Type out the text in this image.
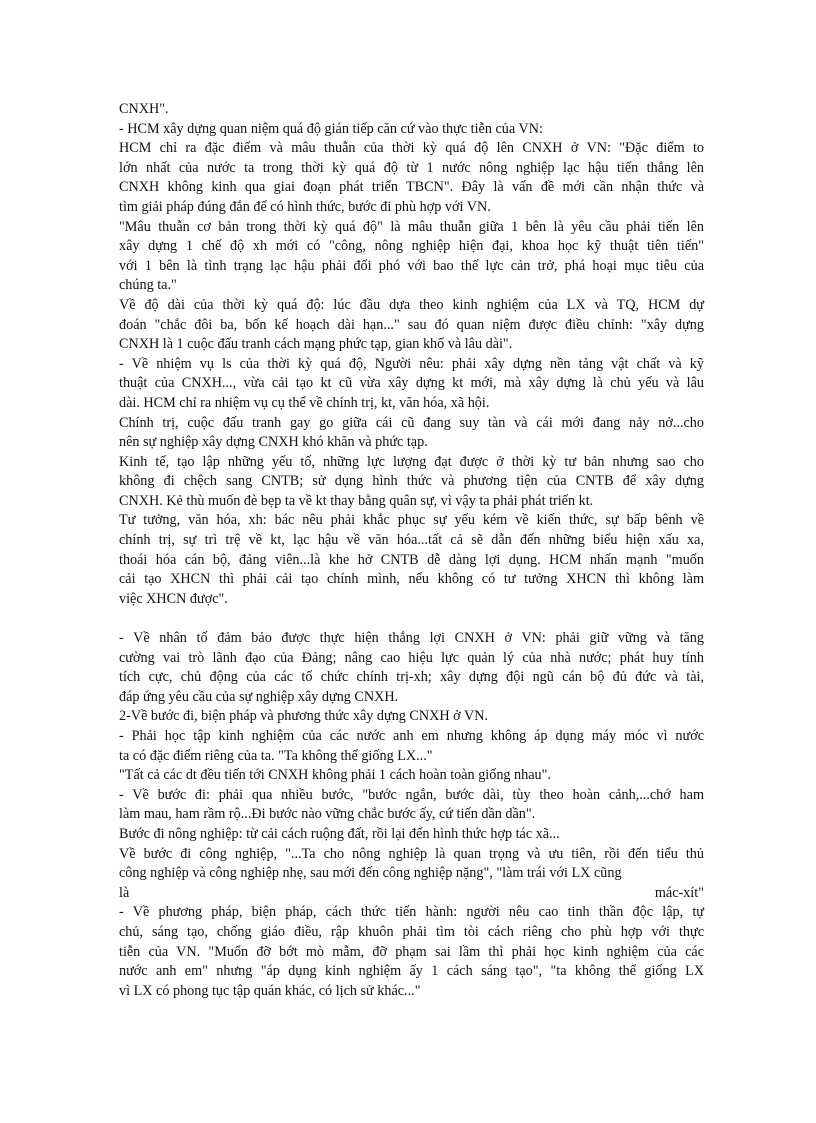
CNXH".
- HCM xây dựng quan niệm quá độ gián tiếp căn cứ vào thực tiễn của VN:
HCM chỉ ra đặc điểm và mâu thuẫn của thời kỳ quá độ lên CNXH ở VN: "Đặc điểm to
lớn nhất của nước ta trong thời kỳ quá độ từ 1 nước nông nghiệp lạc hậu tiến thẳng lên
CNXH không kinh qua giai đoạn phát triển TBCN". Đây là vấn đề mới cần nhận thức và
tìm giải pháp đúng đắn để có hình thức, bước đi phù hợp với VN.
"Mâu thuẫn cơ bản trong thời kỳ quá độ" là mâu thuẫn giữa 1 bên là yêu cầu phải tiến lên
xây dựng 1 chế độ xh mới có "công, nông nghiệp hiện đại, khoa học kỹ thuật tiên tiến"
với 1 bên là tình trạng lạc hậu phải đối phó với bao thế lực cản trở, phá hoại mục tiêu của
chúng ta."
Về độ dài của thời kỳ quá độ: lúc đầu dựa theo kinh nghiệm của LX và TQ, HCM dự
đoán "chắc đôi ba, bốn kế hoạch dài hạn..." sau đó quan niệm được điều chỉnh: "xây dựng
CNXH là 1 cuộc đấu tranh cách mạng phức tạp, gian khổ và lâu dài".
- Về nhiệm vụ ls của thời kỳ quá độ, Người nêu: phải xây dựng nền tảng vật chất và kỹ
thuật của CNXH..., vừa cải tạo kt cũ vừa xây dựng kt mới, mà xây dựng là chủ yếu và lâu
dài. HCM chỉ ra nhiệm vụ cụ thể về chính trị, kt, văn hóa, xã hội.
Chính trị, cuộc đấu tranh gay go giữa cái cũ đang suy tàn và cái mới đang nảy nở...cho
nên sự nghiệp xây dựng CNXH khó khăn và phức tạp.
Kinh tế, tạo lập những yếu tố, những lực lượng đạt được ở thời kỳ tư bản nhưng sao cho
không đi chệch sang CNTB; sử dụng hình thức và phương tiện của CNTB để xây dựng
CNXH. Kẻ thù muốn đè bẹp ta về kt thay bằng quân sự, vì vậy ta phải phát triển kt.
Tư tưởng, văn hóa, xh: bác nêu phải khắc phục sự yếu kém về kiến thức, sự bấp bênh về
chính trị, sự trì trệ về kt, lạc hậu về văn hóa...tất cả sẽ dẫn đến những biểu hiện xấu xa,
thoái hóa cán bộ, đảng viên...là khe hở CNTB dễ dàng lợi dụng. HCM nhấn mạnh "muốn
cải tạo XHCN thì phải cải tạo chính mình, nếu không có tư tưởng XHCN thì không làm
việc XHCN được".
- Về nhân tố đảm bảo được thực hiện thắng lợi CNXH ở VN: phải giữ vững và tăng
cường vai trò lãnh đạo của Đảng; nâng cao hiệu lực quản lý của nhà nước; phát huy tính
tích cực, chủ động của các tổ chức chính trị-xh; xây dựng đội ngũ cán bộ đủ đức và tài,
đáp ứng yêu cầu của sự nghiệp xây dựng CNXH.
2-Về bước đi, biện pháp và phương thức xây dựng CNXH ở VN.
- Phải học tập kinh nghiệm của các nước anh em nhưng không áp dụng máy móc vì nước
ta có đặc điểm riêng của ta. "Ta không thể giống LX..."
"Tất cả các dt đều tiến tới CNXH không phải 1 cách hoàn toàn giống nhau".
- Về bước đi: phải qua nhiều bước, "bước ngắn, bước dài, tùy theo hoàn cảnh,...chớ ham
làm mau, ham rầm rộ...Đi bước nào vững chắc bước ấy, cứ tiến dần dần".
Bước đi nông nghiệp: từ cải cách ruộng đất, rồi lại đến hình thức hợp tác xã...
Về bước đi công nghiệp, "...Ta cho nông nghiệp là quan trọng và ưu tiên, rồi đến tiểu thủ
công nghiệp và công nghiệp nhẹ, sau mới đến công nghiệp nặng", "làm trái với LX cũng
là mác-xít"
- Về phương pháp, biện pháp, cách thức tiến hành: người nêu cao tinh thần độc lập, tự
chủ, sáng tạo, chống giáo điều, rập khuôn phải tìm tòi cách riêng cho phù hợp với thực
tiễn của VN. "Muốn đỡ bớt mò mẫm, đỡ phạm sai lầm thì phải học kinh nghiệm của các
nước anh em" nhưng "áp dụng kinh nghiệm ấy 1 cách sáng tạo", "ta không thể giống LX
vì LX có phong tục tập quán khác, có lịch sử khác..."
